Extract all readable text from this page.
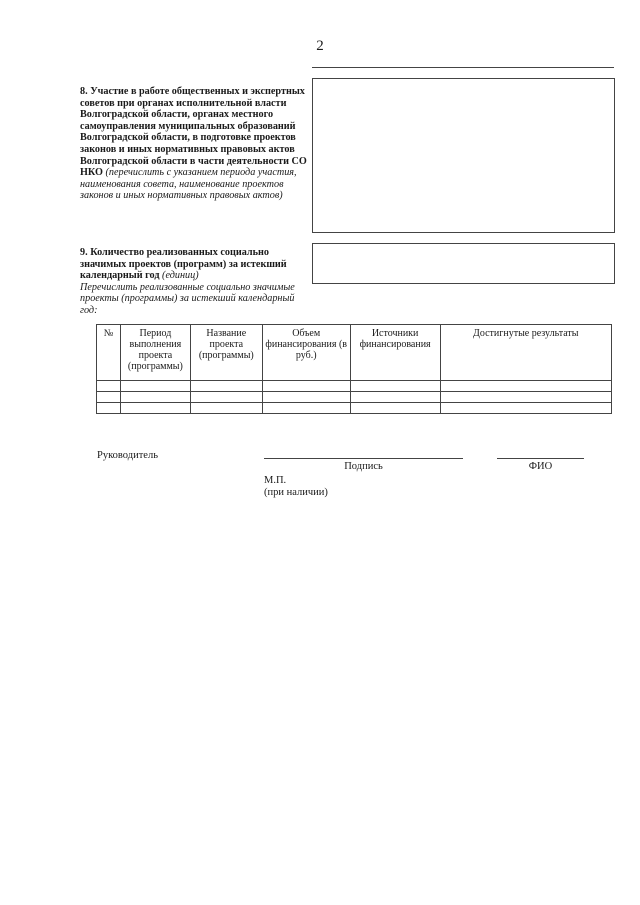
2
8. Участие в работе общественных и экспертных советов при органах исполнительной власти Волгоградской области, органах местного самоуправления муниципальных образований Волгоградской области, в подготовке проектов законов и иных нормативных правовых актов Волгоградской области в части деятельности СО НКО (перечислить с указанием периода участия, наименования совета, наименование проектов законов и иных нормативных правовых актов)
9. Количество реализованных социально значимых проектов (программ) за истекший календарный год (единиц)
Перечислить реализованные социально значимые проекты (программы) за истекший календарный год:
№	Период выполнения проекта (программы)	Название проекта (программы)	Объем финансирования (в руб.)	Источники финансирования	Достигнутые результаты

Руководитель
Подпись	ФИО
М.П.
(при наличии)
